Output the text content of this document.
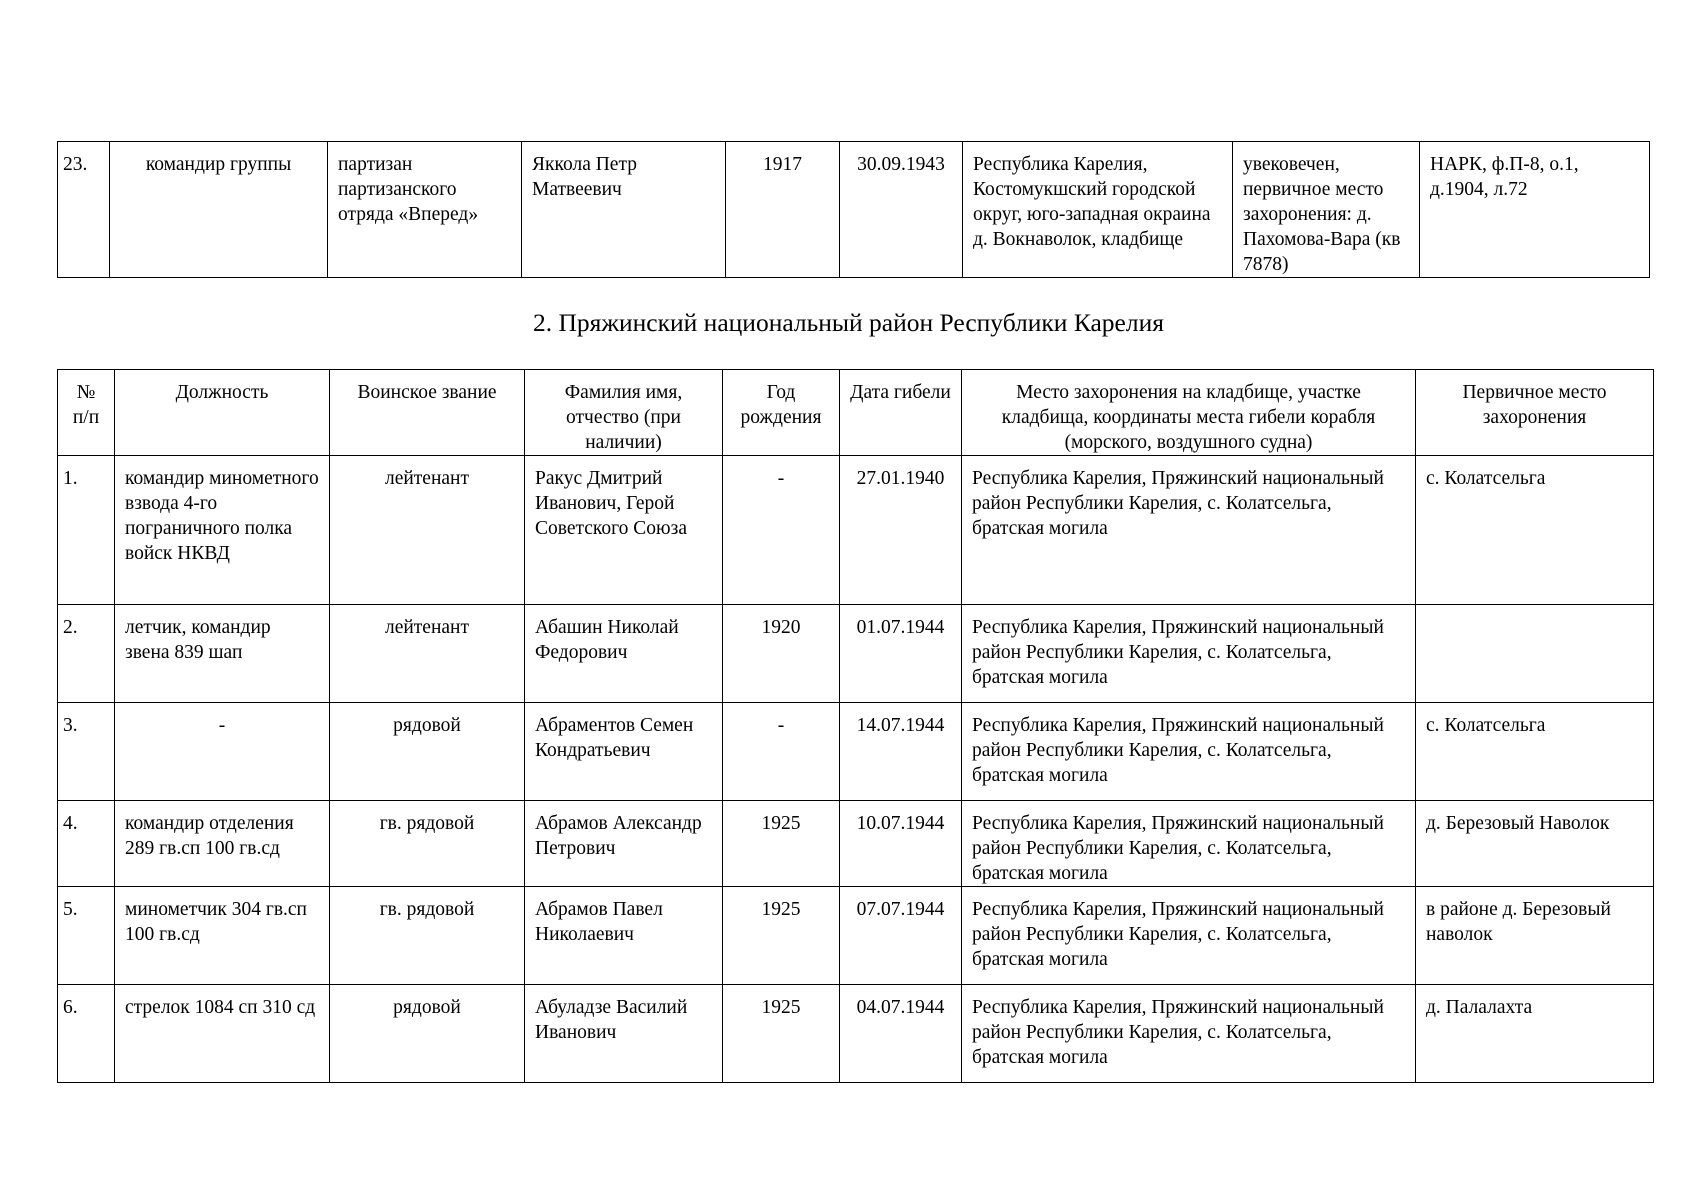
23.	командир группы	партизан партизанского отряда «Вперед»	Яккола Петр Матвеевич	1917	30.09.1943	Республика Карелия, Костомукшский городской округ, юго-западная окраина д. Вокнаволок, кладбище	увековечен, первичное место захоронения: д. Пахомова-Вара (кв 7878)	НАРК, ф.П-8, о.1, д.1904, л.72
2. Пряжинский национальный район Республики Карелия
№ п/п	Должность	Воинское звание	Фамилия имя, отчество (при наличии)	Год рождения	Дата гибели	Место захоронения на кладбище, участке кладбища, координаты места гибели корабля (морского, воздушного судна)	Первичное место захоронения
1.	командир минометного взвода 4-го пограничного полка войск НКВД	лейтенант	Ракус Дмитрий Иванович, Герой Советского Союза	-	27.01.1940	Республика Карелия, Пряжинский национальный район Республики Карелия, с. Колатсельга, братская могила	с. Колатсельга
2.	летчик, командир звена 839 шап	лейтенант	Абашин Николай Федорович	1920	01.07.1944	Республика Карелия, Пряжинский национальный район Республики Карелия, с. Колатсельга, братская могила	
3.	-	рядовой	Абраментов Семен Кондратьевич	-	14.07.1944	Республика Карелия, Пряжинский национальный район Республики Карелия, с. Колатсельга, братская могила	с. Колатсельга
4.	командир отделения 289 гв.сп 100 гв.сд	гв. рядовой	Абрамов Александр Петрович	1925	10.07.1944	Республика Карелия, Пряжинский национальный район Республики Карелия, с. Колатсельга, братская могила	д. Березовый Наволок
5.	минометчик 304 гв.сп 100 гв.сд	гв. рядовой	Абрамов Павел Николаевич	1925	07.07.1944	Республика Карелия, Пряжинский национальный район Республики Карелия, с. Колатсельга, братская могила	в районе д. Березовый наволок
6.	стрелок 1084 сп 310 сд	рядовой	Абуладзе Василий Иванович	1925	04.07.1944	Республика Карелия, Пряжинский национальный район Республики Карелия, с. Колатсельга, братская могила	д. Палалахта
